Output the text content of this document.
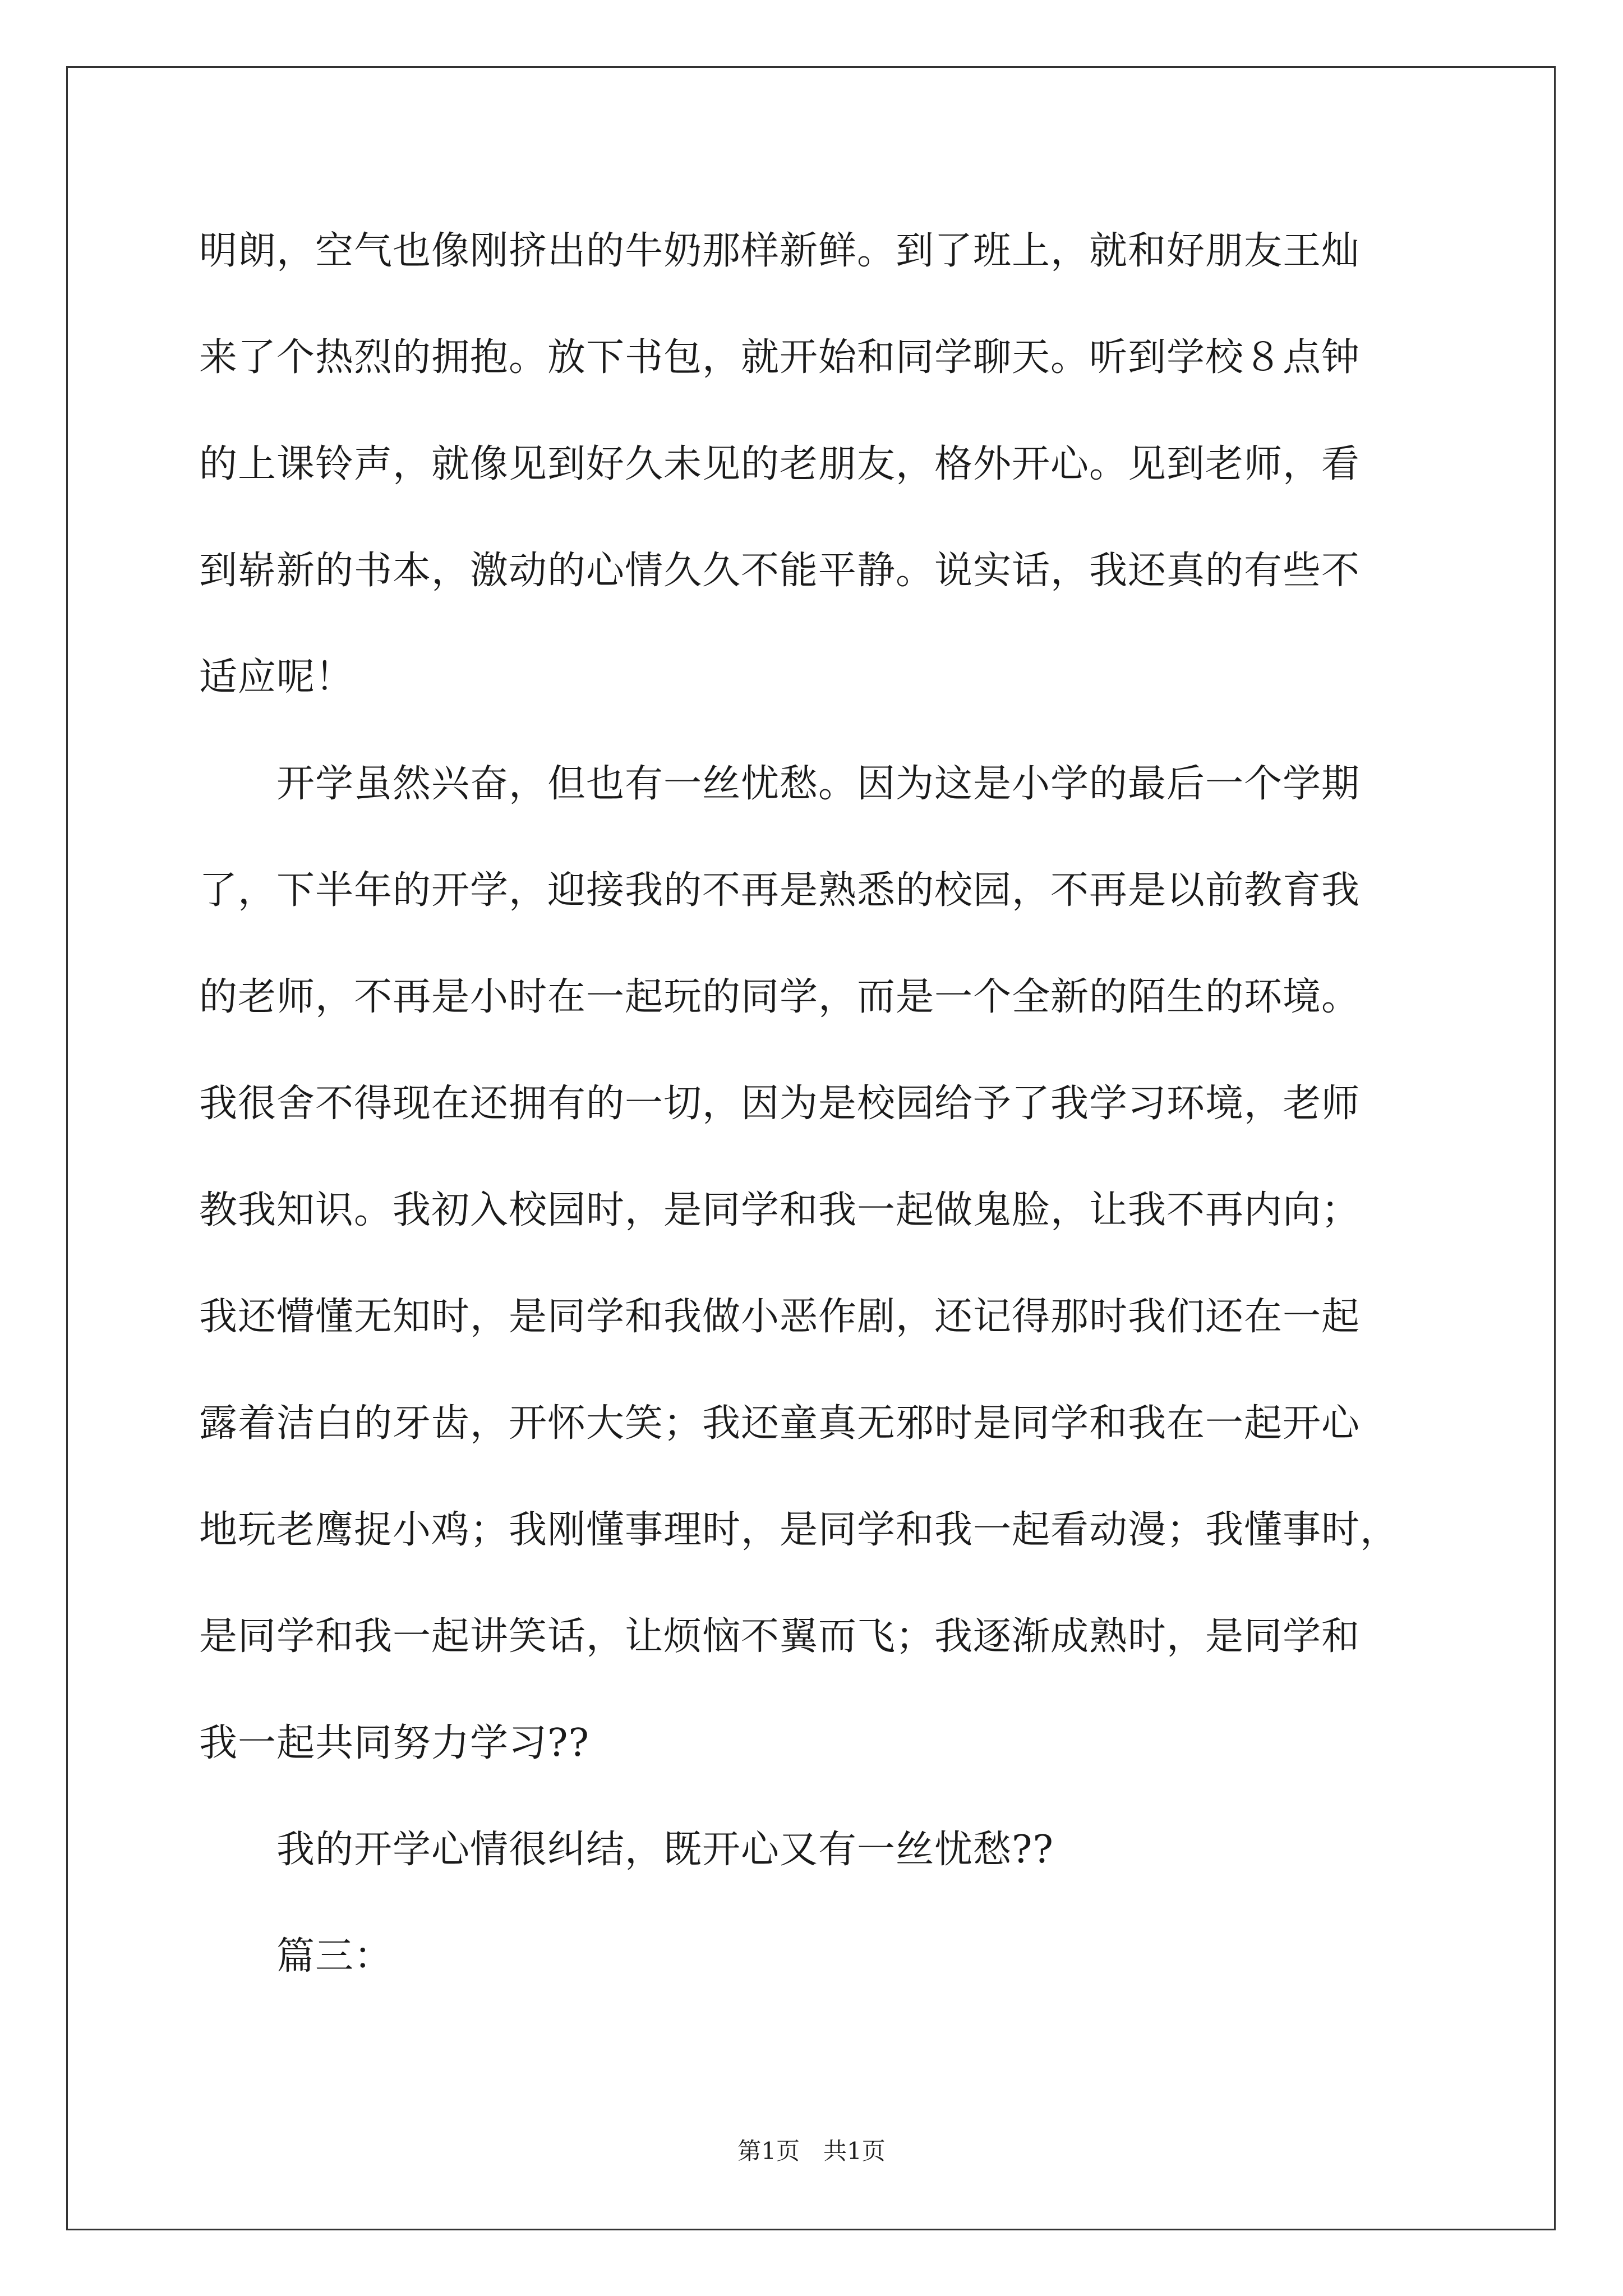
明朗，空气也像刚挤出的牛奶那样新鲜。到了班上，就和好朋友王灿
来了个热烈的拥抱。放下书包，就开始和同学聊天。听到学校８点钟
的上课铃声，就像见到好久未见的老朋友，格外开心。见到老师，看
到崭新的书本，激动的心情久久不能平静。说实话，我还真的有些不
适应呢！
　　开学虽然兴奋，但也有一丝忧愁。因为这是小学的最后一个学期
了，下半年的开学，迎接我的不再是熟悉的校园，不再是以前教育我
的老师，不再是小时在一起玩的同学，而是一个全新的陌生的环境。
我很舍不得现在还拥有的一切，因为是校园给予了我学习环境，老师
教我知识。我初入校园时，是同学和我一起做鬼脸，让我不再内向；
我还懵懂无知时，是同学和我做小恶作剧，还记得那时我们还在一起
露着洁白的牙齿，开怀大笑；我还童真无邪时是同学和我在一起开心
地玩老鹰捉小鸡；我刚懂事理时，是同学和我一起看动漫；我懂事时，
是同学和我一起讲笑话，让烦恼不翼而飞；我逐渐成熟时，是同学和
我一起共同努力学习??
　　我的开学心情很纠结，既开心又有一丝忧愁??
　　篇三：
第1页　共1页
